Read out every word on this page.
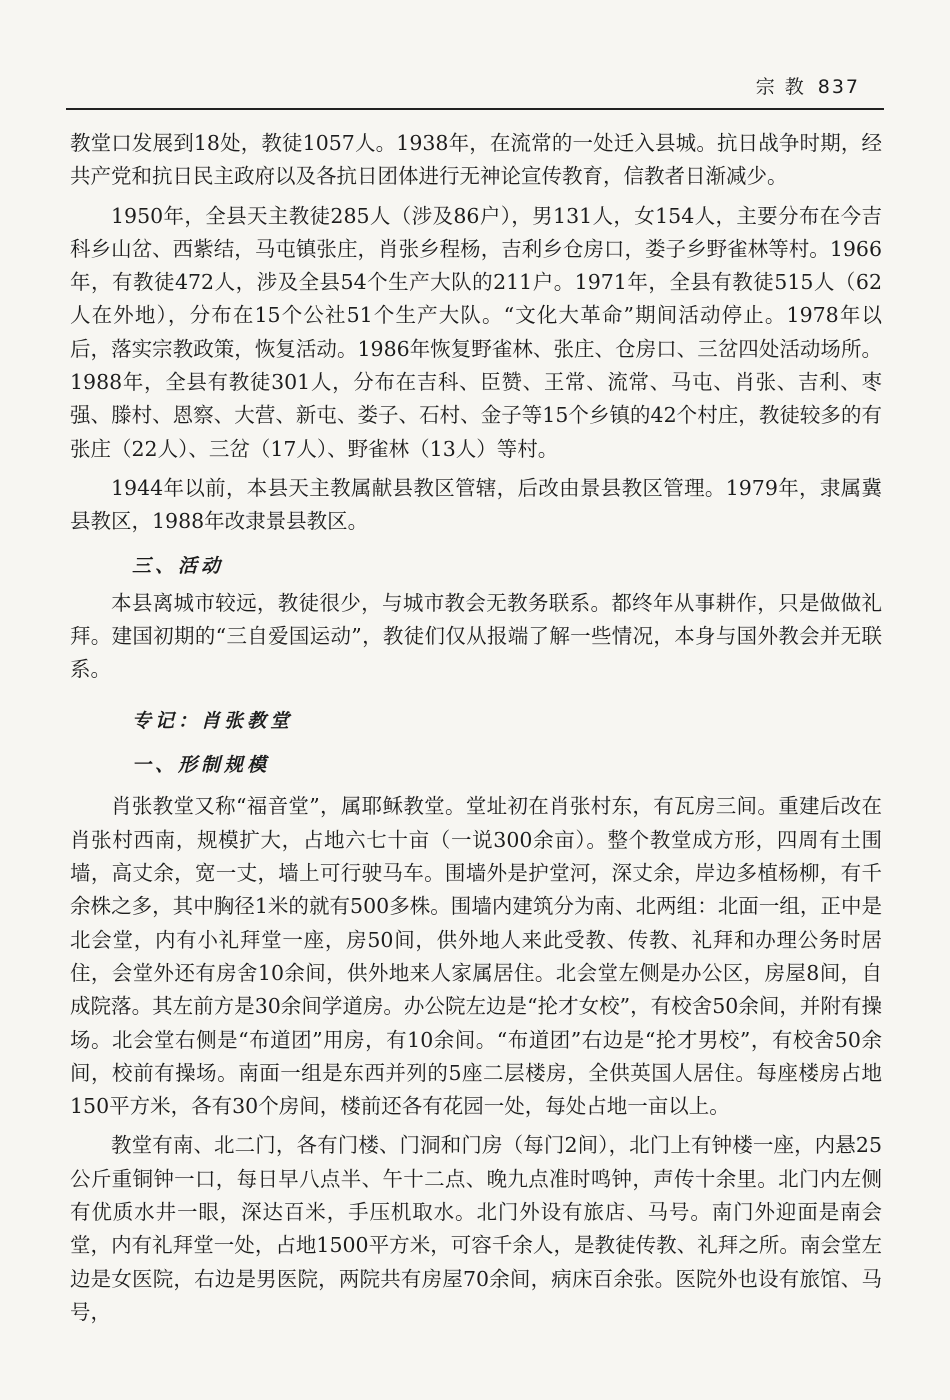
宗 教 837

教堂口发展到18处，教徒1057人。1938年，在流常的一处迁入县城。抗日战争时期，经共产党和抗日民主政府以及各抗日团体进行无神论宣传教育，信教者日渐减少。

1950年，全县天主教徒285人（涉及86户），男131人，女154人，主要分布在今吉科乡山岔、西紫结，马屯镇张庄，肖张乡程杨，吉利乡仓房口，娄子乡野雀林等村。1966年，有教徒472人，涉及全县54个生产大队的211户。1971年，全县有教徒515人（62人在外地），分布在15个公社51个生产大队。“文化大革命”期间活动停止。1978年以后，落实宗教政策，恢复活动。1986年恢复野雀林、张庄、仓房口、三岔四处活动场所。1988年，全县有教徒301人，分布在吉科、臣赞、王常、流常、马屯、肖张、吉利、枣强、滕村、恩察、大营、新屯、娄子、石村、金子等15个乡镇的42个村庄，教徒较多的有张庄（22人）、三岔（17人）、野雀林（13人）等村。

1944年以前，本县天主教属献县教区管辖，后改由景县教区管理。1979年，隶属冀县教区，1988年改隶景县教区。

三、活动

本县离城市较远，教徒很少，与城市教会无教务联系。都终年从事耕作，只是做做礼拜。建国初期的“三自爱国运动”，教徒们仅从报端了解一些情况，本身与国外教会并无联系。

专记：肖张教堂
一、形制规模

肖张教堂又称“福音堂”，属耶稣教堂。堂址初在肖张村东，有瓦房三间。重建后改在肖张村西南，规模扩大，占地六七十亩（一说300余亩）。整个教堂成方形，四周有土围墙，高丈余，宽一丈，墙上可行驶马车。围墙外是护堂河，深丈余，岸边多植杨柳，有千余株之多，其中胸径1米的就有500多株。围墙内建筑分为南、北两组：北面一组，正中是北会堂，内有小礼拜堂一座，房50间，供外地人来此受教、传教、礼拜和办理公务时居住，会堂外还有房舍10余间，供外地来人家属居住。北会堂左侧是办公区，房屋8间，自成院落。其左前方是30余间学道房。办公院左边是“抡才女校”，有校舍50余间，并附有操场。北会堂右侧是“布道团”用房，有10余间。“布道团”右边是“抡才男校”，有校舍50余间，校前有操场。南面一组是东西并列的5座二层楼房，全供英国人居住。每座楼房占地150平方米，各有30个房间，楼前还各有花园一处，每处占地一亩以上。

教堂有南、北二门，各有门楼、门洞和门房（每门2间），北门上有钟楼一座，内悬25公斤重铜钟一口，每日早八点半、午十二点、晚九点准时鸣钟，声传十余里。北门内左侧有优质水井一眼，深达百米，手压机取水。北门外设有旅店、马号。南门外迎面是南会堂，内有礼拜堂一处，占地1500平方米，可容千余人，是教徒传教、礼拜之所。南会堂左边是女医院，右边是男医院，两院共有房屋70余间，病床百余张。医院外也设有旅馆、马号，
